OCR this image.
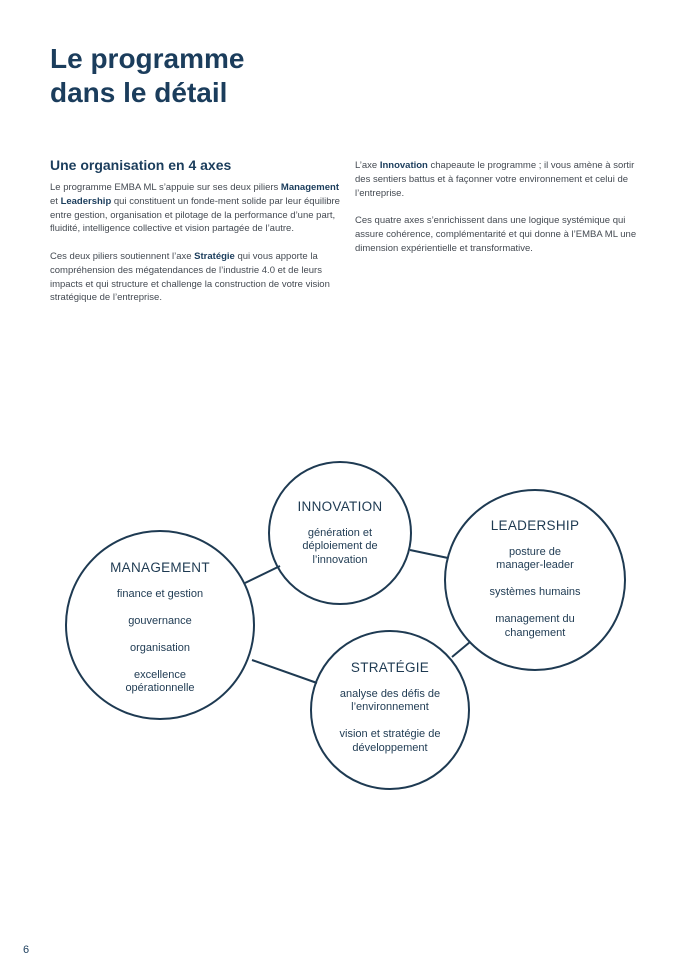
Le programme
dans le détail
Une organisation en 4 axes

Le programme EMBA ML s’appuie sur ses deux piliers Management et Leadership qui constituent un fonde-ment solide par leur équilibre entre gestion, organisation et pilotage de la performance d’une part, fluidité, intelligence collective et vision partagée de l’autre.

Ces deux piliers soutiennent l’axe Stratégie qui vous apporte la compréhension des mégatendances de l’industrie 4.0 et de leurs impacts et qui structure et challenge la construction de votre vision stratégique de l’entreprise.

L’axe Innovation chapeaute le programme ; il vous amène à sortir des sentiers battus et à façonner votre environnement et celui de l’entreprise.

Ces quatre axes s’enrichissent dans une logique systémique qui assure cohérence, complémentarité et qui donne à l’EMBA ML une dimension expérientielle et transformative.

INNOVATION
génération et déploiement de l’innovation
LEADERSHIP
posture de manager-leader
systèmes humains
management du changement
MANAGEMENT
finance et gestion
gouvernance
organisation
excellence opérationnelle
STRATÉGIE
analyse des défis de l’environnement
vision et stratégie de développement
6
